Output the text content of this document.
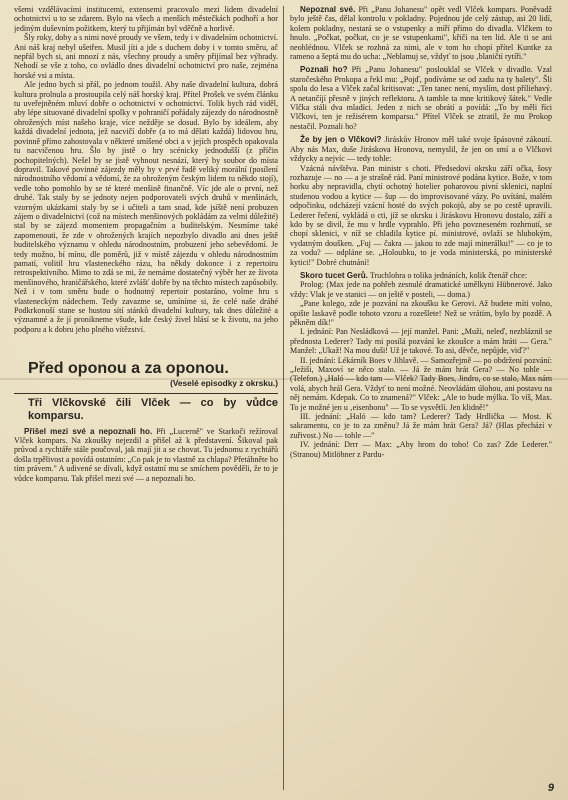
všemi vzdělávacími institucemi, extensemi pracovalo mezi lidem divadelní ochotnictví u to se zdarem. Bylo na všech a menších městečkách podhoří a hor jediným duševním požitkem, který tu přijímán byl vděčně a horlivě.

Šly roky, doby a s nimi nové proudy ve všem, tedy i v divadelním ochotnictví. Ani náš kraj nebyl ušetřen. Musil jíti a jde s duchem doby i v tomto směru, ač nepřál bych si, ani mnozí z nás, všechny proudy a směry přijímal bez výhrady. Nehodí se vše z toho, co ovládlo dnes divadelní ochotnictví pro naše, zejména horské vsi a místa.

Ale jedno bych si přál, po jednom toužil. Aby naše divadelní kultura, dobrá kultura prolnula a prostoupila celý náš horský kraj. Přítel Prošek ve svém článku tu uveřejněném mluví dobře o ochotnictví v ochotnictví. Tolik bych rád viděl, aby lépe situované divadelní spolky v pohraničí pořádaly zájezdy do národnostně ohrožených míst našeho kraje, více nežděje se dosud. Bylo by ideálem, aby každá divadelní jednota, jež nacvičí dobře (a to má dělati každá) lidovou hru, povinně přímo zahostovala v některé smíšené obci a v jejích prospěch opakovala tu nacvičenou hru. Šlo by jistě o hry scénicky jednodušší (z příčin pochopitelných). Nešel by se jistě vyhnout nesnází, který by soubor do místa dopravil. Takové povinné zájezdy měly by v prvé řadě veliký morální (posílení národnostního vědomí a vědomí, že za ohroženým českým lidem tu někdo stojí), vedle toho pomohlo by se té které menšině finančně. Víc jde ale o první, než druhé. Tak staly by se jednoty nejen podporovateli svých druhů v menšinách, vzorným ukázkami staly by se i učiteli a tam snad, kde jsíště není probuzen zájem o divadelnictví (což na místech menšinových pokládám za velmi důležité) stal by se zájezd momentem propagačním a buditelským. Nesmíme také zapomenouti, že zde v ohrožených krajích nepozbylo divadlo ani dnes ještě buditelského významu v ohledu národnostním, probuzení jeho sebevědomí. Je tedy možno, bí mínu, dle poměrů, již v místě zájezdu v ohledu národnostním pamatí, volitil hru vlasteneckého rázu, ba někdy dokonce i z repertoiru retrospektivního. Mimo to zdá se mi, že nemáme dostatečný výběr her ze života menšinového, hraničářského, které zvlášť dobře by na těchto místech zapůsobily. Než i v tom směru bude o hodnotný repertoir postaráno, volme hru s vlasteneckým nádechem. Tedy zavazme se, umíníme si, že celé naše dráhé Podkrkonoší stane se hustou sítí stánků divadelní kultury, tak dnes důležité a významné a že jí pronikneme všude, kde český živel hlásí se k životu, na jeho podporu a k dobru jeho plného vítězství.

Před oponou a za oponou.
(Veselé episodky z okrsku.)
Tři Vlčkovské čili Vlček — co by vůdce komparsu.

Přišel mezi své a nepoznali ho. Při „Lucerně" ve Starkoči režíroval Vlček kompars. Na zkoušky nejezdil a přišel až k představení. Šikoval pak průvod a rychtáře stále poučoval, jak mají jít a se chovat. Tu jednomu z rychtářů došla trpělivost a povídá ostatním: „Co pak je to vlastně za chlapa? Přetáhněte ho tím právem." A udivené se dívali, když ostatní mu se smíchem pověděli, že to je vůdce komparsu. Tak přišel mezi své — a nepoznali ho.

Nepoznal své. Při „Panu Johanesu" opět vedl Vlček kompars. Poněvadž bylo ještě čas, dělal kontrolu v pokladny. Pojednou jde celý zástup, asi 20 lidí, kolem pokladny, nestará se o vstupenky a míří přímo do divadla. Vlčkem to hnulo. „Počkat, počkat, co je se vstupenkami", křičí na ten lid. Ale ti se ani neohlédnou. Vlček se rozhná za nimi, ale v tom ho chopí přítel Kuntke za rameno a šeptá mu do ucha: „Neblamuj se, vždyť to jsou ‚blaničtí rytíři."

Poznali ho? Při „Panu Johanesu" poslouklal se Vlček v divadlo. Vzal staročeského Prokopa a řekl mu: „Pojď, podíváme se od zadu na ty balety". Šli spolu do lesa a Vlček začal kritisovat: „Ten tanec není, myslím, dost příliehavý. A netančíjí přesně v jiných reflektoru. A tamhle ta mne kritikový šátek." Vedle Vlčka stáli dva mladíci. Jeden z nich se obrátí a povídá: „To by měli říci Vlčkovi, ten je režisérem komparsu." Přítel Vlček se ztratil, že mu Prokop nestačil. Poznali ho?

Že by jen o Vlčkovi? Jiráskův Hronov měl také svoje špásovné zákoutí. Aby nás Max, duše Jiráskova Hronova, nemyslil, že jen on smí a o Vlčkovi vždycky a nejvíc — tedy tohle:

Vzácná návštěva. Pan ministr s choti. Předsedoví okrsku září očka, šosy rozhazuje — no — a je strašně rád. Paní ministrové podána kytice. Bože, v tom horku aby nepravidla, chytí ochotný hotelier poharovou pivní sklenici, naplní studenou vodou a kytice — šup — do improvisované vázy. Po uvítání, malém odpočinku, odcházejí vzácní hosté do svých pokojů, aby se po cestě upravili. Lederer řečení, vykládá o cti, jíž se okrsku i Jiráskovu Hronovu dostalo, září a kdo by se divil, že mu v hrdle vyprahlo. Při jeho povzneseném rozhrnutí, se chopí sklenici, v níž se chladila kytice pí. ministrové, ovlaží se hlubokým, vydatným doušken. „Fuj — čakra — jakou to zde mají minerálku!" — co je to za vodu? — odpláne se. „Holoubku, to je voda ministerská, po ministerské kytici!" Dobré chutnání!

Skoro tucet Gerů. Truchlohra o tolika jednáních, kolik čtenář chce:

Prolog: (Max jede na pohřeb zesnulé dramatické umělkyni Hübnerové. Jako vždy: Vlak je ve stanici — on ještě v posteli, — doma.)

„Pane kolego, zde je pozvání na zkoušku ke Gerovi. Až budete míti volno, opište laskavě podle tohoto vzoru a rozešlete! Než se vrátím, bylo by pozdě. A pěkněm dík!"

I. jednání: Pan Nesládková — její manžel. Pani: „Muži, neleď, nezbláznil se přednosta Lederer? Tady mi posílá pozvání ke zkoušce a mám hráti — Gera." Manžel: „Ukaž! Na mou duši! Už je takové. To asi, děvče, nepůjde, viď?"

II. jednání: Lékárník Boes v Jihlavě. — Samozřejmě — po obdržení pozvání: „Ježiši, Maxoví se něco stalo. — Já že mám hrát Gera? — No tohle — (Telefon.) „Haló — kdo tam — Vlček? Tady Boes, Jindro, co se stalo, Max nám volá, abych hrál Gera. Vždyť to není možné. Neovládám úlohou, ani postavu na něj nemám. Kdepak. Co to znamená?" Vlček: „Ale to bude mýlka. To víš, Max. To je možné jen u ‚eisenbonu" — To se vysvětlí. Jen klidně!"

III. jednání: „Haló — kdo tam? Lederer? Tady Hrdlička — Most. K sakramentu, co je to za změnu? Já že mám hrát Gera? Já? (Hlas přechází v zuřivost.) No — tohle —"

IV. jednání: Drrr — Max: „Aby hrom do toho! Co zas? Zde Lederer." (Stranou) Mitlöhner z Pardu-

9
